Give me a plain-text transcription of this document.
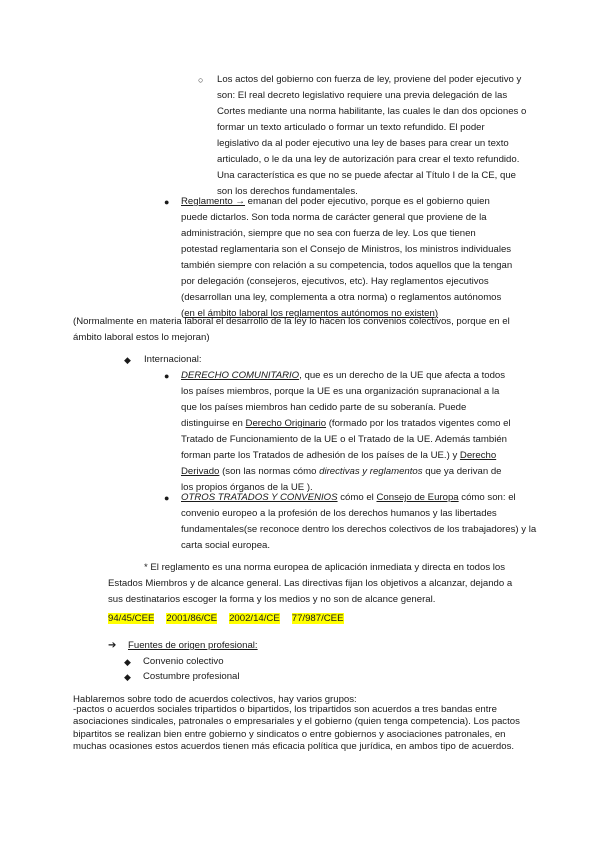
○ Los actos del gobierno con fuerza de ley, proviene del poder ejecutivo y son: El real decreto legislativo requiere una previa delegación de las Cortes mediante una norma habilitante, las cuales le dan dos opciones o formar un texto articulado o formar un texto refundido. El poder legislativo da al poder ejecutivo una ley de bases para crear un texto articulado, o le da una ley de autorización para crear el texto refundido. Una característica es que no se puede afectar al Título I de la CE, que son los derechos fundamentales.

● Reglamento → emanan del poder ejecutivo, porque es el gobierno quien puede dictarlos. Son toda norma de carácter general que proviene de la administración, siempre que no sea con fuerza de ley. Los que tienen potestad reglamentaria son el Consejo de Ministros, los ministros individuales también siempre con relación a su competencia, todos aquellos que la tengan por delegación (consejeros, ejecutivos, etc). Hay reglamentos ejecutivos (desarrollan una ley, complementa a otra norma) o reglamentos autónomos (en el ámbito laboral los reglamentos autónomos no existen)

(Normalmente en materia laboral el desarrollo de la ley lo hacen los convenios colectivos, porque en el ámbito laboral estos lo mejoran)

◆ Internacional:

● DERECHO COMUNITARIO, que es un derecho de la UE que afecta a todos los países miembros, porque la UE es una organización supranacional a la que los países miembros han cedido parte de su soberanía. Puede distinguirse en Derecho Originario (formado por los tratados vigentes como el Tratado de Funcionamiento de la UE o el Tratado de la UE. Además también forman parte los Tratados de adhesión de los países de la UE.) y Derecho Derivado (son las normas cómo directivas y reglamentos que ya derivan de los propios órganos de la UE ).

● OTROS TRATADOS Y CONVENIOS cómo el Consejo de Europa cómo son: el convenio europeo a la profesión de los derechos humanos y las libertades fundamentales(se reconoce dentro los derechos colectivos de los trabajadores) y la carta social europea.

* El reglamento es una norma europea de aplicación inmediata y directa en todos los Estados Miembros y de alcance general. Las directivas fijan los objetivos a alcanzar, dejando a sus destinatarios escoger la forma y los medios y no son de alcance general.

94/45/CEE 2001/86/CE 2002/14/CE 77/987/CEE

➔ Fuentes de origen profesional:

◆ Convenio colectivo

◆ Costumbre profesional

Hablaremos sobre todo de acuerdos colectivos, hay varios grupos:

-pactos o acuerdos sociales tripartidos o bipartidos, los tripartidos son acuerdos a tres bandas entre asociaciones sindicales, patronales o empresariales y el gobierno (quien tenga competencia). Los pactos bipartitos se realizan bien entre gobierno y sindicatos o entre gobiernos y asociaciones patronales, en muchas ocasiones estos acuerdos tienen más eficacia política que jurídica, en ambos tipo de acuerdos.
